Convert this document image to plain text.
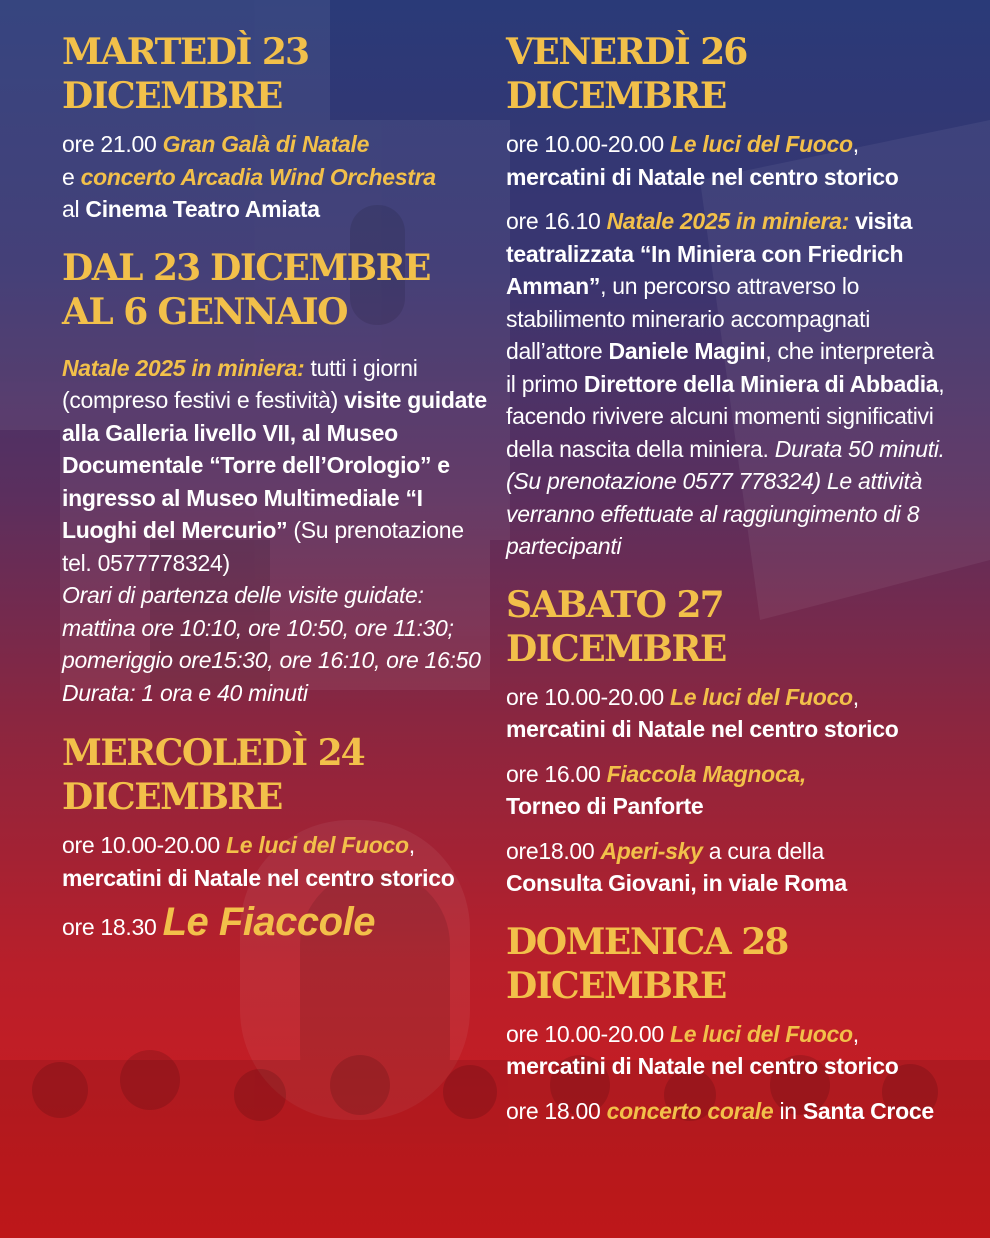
MARTEDÌ 23 DICEMBRE
ore 21.00 Gran Galà di Natale
e concerto Arcadia Wind Orchestra
al Cinema Teatro Amiata
DAL 23 DICEMBRE
AL 6 GENNAIO
Natale 2025 in miniera: tutti i giorni (compreso festivi e festività) visite guidate alla Galleria livello VII, al Museo Documentale “Torre dell’Orologio” e ingresso al Museo Multimediale “I Luoghi del Mercurio” (Su prenotazione tel. 0577778324)
Orari di partenza delle visite guidate:
mattina ore 10:10, ore 10:50, ore 11:30;
pomeriggio ore15:30, ore 16:10, ore 16:50
Durata: 1 ora e 40 minuti
MERCOLEDÌ 24 DICEMBRE
ore 10.00-20.00 Le luci del Fuoco,
mercatini di Natale nel centro storico
ore 18.30 Le Fiaccole
VENERDÌ 26 DICEMBRE
ore 10.00-20.00 Le luci del Fuoco,
mercatini di Natale nel centro storico
ore 16.10 Natale 2025 in miniera: visita teatralizzata “In Miniera con Friedrich Amman”, un percorso attraverso lo stabilimento minerario accompagnati dall’attore Daniele Magini, che interpreterà il primo Direttore della Miniera di Abbadia, facendo rivivere alcuni momenti significativi della nascita della miniera. Durata 50 minuti. (Su prenotazione 0577 778324) Le attività verranno effettuate al raggiungimento di 8 partecipanti
SABATO 27 DICEMBRE
ore 10.00-20.00 Le luci del Fuoco,
mercatini di Natale nel centro storico
ore 16.00 Fiaccola Magnoca,
Torneo di Panforte
ore18.00 Aperi-sky a cura della
Consulta Giovani, in viale Roma
DOMENICA 28 DICEMBRE
ore 10.00-20.00 Le luci del Fuoco,
mercatini di Natale nel centro storico
ore 18.00 concerto corale in Santa Croce
